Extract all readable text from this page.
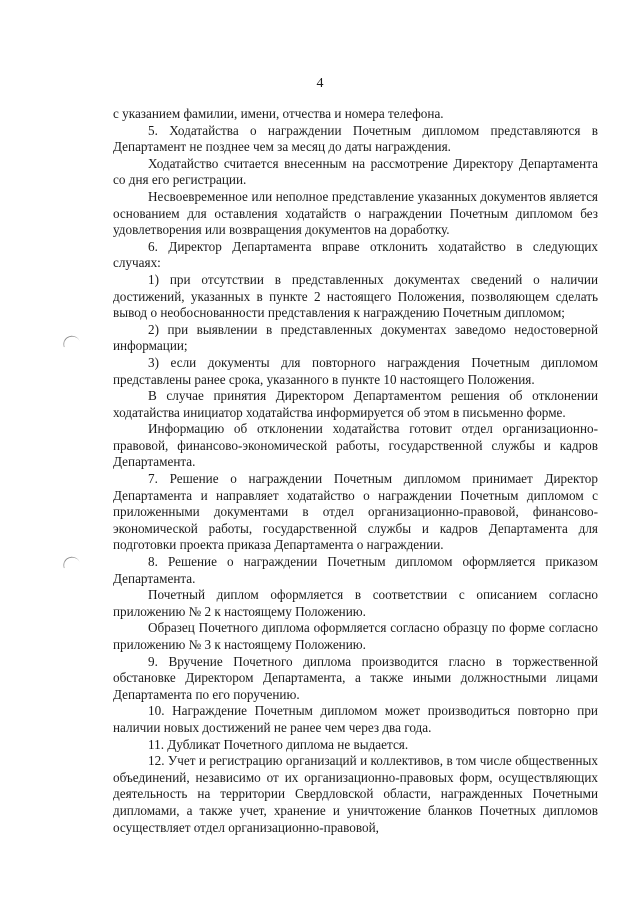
4

с указанием фамилии, имени, отчества и номера телефона.

5. Ходатайства о награждении Почетным дипломом представляются в Департамент не позднее чем за месяц до даты награждения.

Ходатайство считается внесенным на рассмотрение Директору Департамента со дня его регистрации.

Несвоевременное или неполное представление указанных документов является основанием для оставления ходатайств о награждении Почетным дипломом без удовлетворения или возвращения документов на доработку.

6. Директор Департамента вправе отклонить ходатайство в следующих случаях:

1) при отсутствии в представленных документах сведений о наличии достижений, указанных в пункте 2 настоящего Положения, позволяющем сделать вывод о необоснованности представления к награждению Почетным дипломом;

2) при выявлении в представленных документах заведомо недостоверной информации;

3) если документы для повторного награждения Почетным дипломом представлены ранее срока, указанного в пункте 10 настоящего Положения.

В случае принятия Директором Департаментом решения об отклонении ходатайства инициатор ходатайства информируется об этом в письменно форме.

Информацию об отклонении ходатайства готовит отдел организационно-правовой, финансово-экономической работы, государственной службы и кадров Департамента.

7. Решение о награждении Почетным дипломом принимает Директор Департамента и направляет ходатайство о награждении Почетным дипломом с приложенными документами в отдел организационно-правовой, финансово-экономической работы, государственной службы и кадров Департамента для подготовки проекта приказа Департамента о награждении.

8. Решение о награждении Почетным дипломом оформляется приказом Департамента.

Почетный диплом оформляется в соответствии с описанием согласно приложению № 2 к настоящему Положению.

Образец Почетного диплома оформляется согласно образцу по форме согласно приложению № 3 к настоящему Положению.

9. Вручение Почетного диплома производится гласно в торжественной обстановке Директором Департамента, а также иными должностными лицами Департамента по его поручению.

10. Награждение Почетным дипломом может производиться повторно при наличии новых достижений не ранее чем через два года.

11. Дубликат Почетного диплома не выдается.

12. Учет и регистрацию организаций и коллективов, в том числе общественных объединений, независимо от их организационно-правовых форм, осуществляющих деятельность на территории Свердловской области, награжденных Почетными дипломами, а также учет, хранение и уничтожение бланков Почетных дипломов осуществляет отдел организационно-правовой,
